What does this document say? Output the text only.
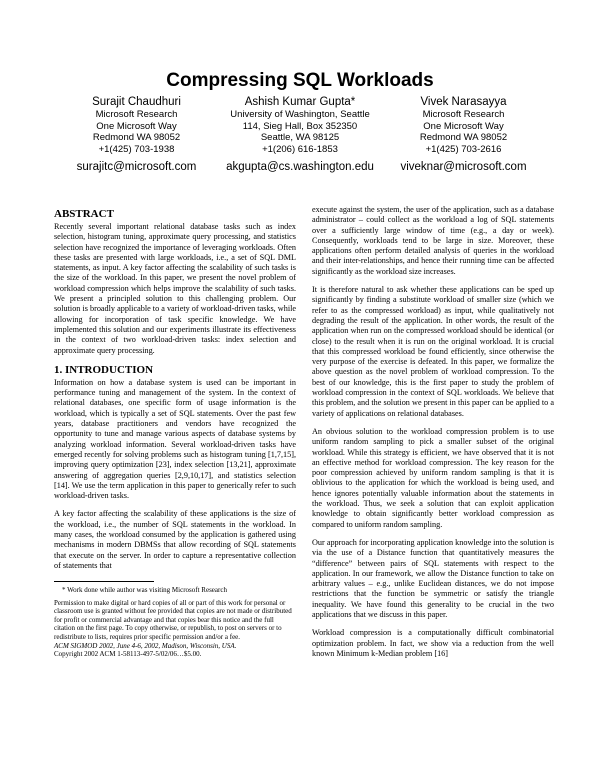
Compressing SQL Workloads
Surajit Chaudhuri
Microsoft Research
One Microsoft Way
Redmond WA 98052
+1(425) 703-1938
surajitc@microsoft.com
Ashish Kumar Gupta*
University of Washington, Seattle
114, Sieg Hall, Box 352350
Seattle, WA 98125
+1(206) 616-1853
akgupta@cs.washington.edu
Vivek Narasayya
Microsoft Research
One Microsoft Way
Redmond WA 98052
+1(425) 703-2616
viveknar@microsoft.com
ABSTRACT

Recently several important relational database tasks such as index selection, histogram tuning, approximate query processing, and statistics selection have recognized the importance of leveraging workloads. Often these tasks are presented with large workloads, i.e., a set of SQL DML statements, as input. A key factor affecting the scalability of such tasks is the size of the workload. In this paper, we present the novel problem of workload compression which helps improve the scalability of such tasks. We present a principled solution to this challenging problem. Our solution is broadly applicable to a variety of workload-driven tasks, while allowing for incorporation of task specific knowledge. We have implemented this solution and our experiments illustrate its effectiveness in the context of two workload-driven tasks: index selection and approximate query processing.

1. INTRODUCTION

Information on how a database system is used can be important in performance tuning and management of the system. In the context of relational databases, one specific form of usage information is the workload, which is typically a set of SQL statements. Over the past few years, database practitioners and vendors have recognized the opportunity to tune and manage various aspects of database systems by analyzing workload information. Several workload-driven tasks have emerged recently for solving problems such as histogram tuning [1,7,15], improving query optimization [23], index selection [13,21], approximate answering of aggregation queries [2,9,10,17], and statistics selection [14]. We use the term application in this paper to generically refer to such workload-driven tasks.

A key factor affecting the scalability of these applications is the size of the workload, i.e., the number of SQL statements in the workload. In many cases, the workload consumed by the application is gathered using mechanisms in modern DBMSs that allow recording of SQL statements that execute on the server. In order to capture a representative collection of statements that

* Work done while author was visiting Microsoft Research
Permission to make digital or hard copies of all or part of this work for personal or classroom use is granted without fee provided that copies are not made or distributed for profit or commercial advantage and that copies bear this notice and the full citation on the first page. To copy otherwise, or republish, to post on servers or to redistribute to lists, requires prior specific permission and/or a fee.
ACM SIGMOD 2002, June 4-6, 2002, Madison, Wisconsin, USA.
Copyright 2002 ACM 1-58113-497-5/02/06…$5.00.

execute against the system, the user of the application, such as a database administrator – could collect as the workload a log of SQL statements over a sufficiently large window of time (e.g., a day or week). Consequently, workloads tend to be large in size. Moreover, these applications often perform detailed analysis of queries in the workload and their inter-relationships, and hence their running time can be affected significantly as the workload size increases.

It is therefore natural to ask whether these applications can be sped up significantly by finding a substitute workload of smaller size (which we refer to as the compressed workload) as input, while qualitatively not degrading the result of the application. In other words, the result of the application when run on the compressed workload should be identical (or close) to the result when it is run on the original workload. It is crucial that this compressed workload be found efficiently, since otherwise the very purpose of the exercise is defeated. In this paper, we formalize the above question as the novel problem of workload compression. To the best of our knowledge, this is the first paper to study the problem of workload compression in the context of SQL workloads. We believe that this problem, and the solution we present in this paper can be applied to a variety of applications on relational databases.

An obvious solution to the workload compression problem is to use uniform random sampling to pick a smaller subset of the original workload. While this strategy is efficient, we have observed that it is not an effective method for workload compression. The key reason for the poor compression achieved by uniform random sampling is that it is oblivious to the application for which the workload is being used, and hence ignores potentially valuable information about the statements in the workload. Thus, we seek a solution that can exploit application knowledge to obtain significantly better workload compression as compared to uniform random sampling.

Our approach for incorporating application knowledge into the solution is via the use of a Distance function that quantitatively measures the “difference” between pairs of SQL statements with respect to the application. In our framework, we allow the Distance function to take on arbitrary values – e.g., unlike Euclidean distances, we do not impose restrictions that the function be symmetric or satisfy the triangle inequality. We have found this generality to be crucial in the two applications that we discuss in this paper.

Workload compression is a computationally difficult combinatorial optimization problem. In fact, we show via a reduction from the well known Minimum k-Median problem [16]
